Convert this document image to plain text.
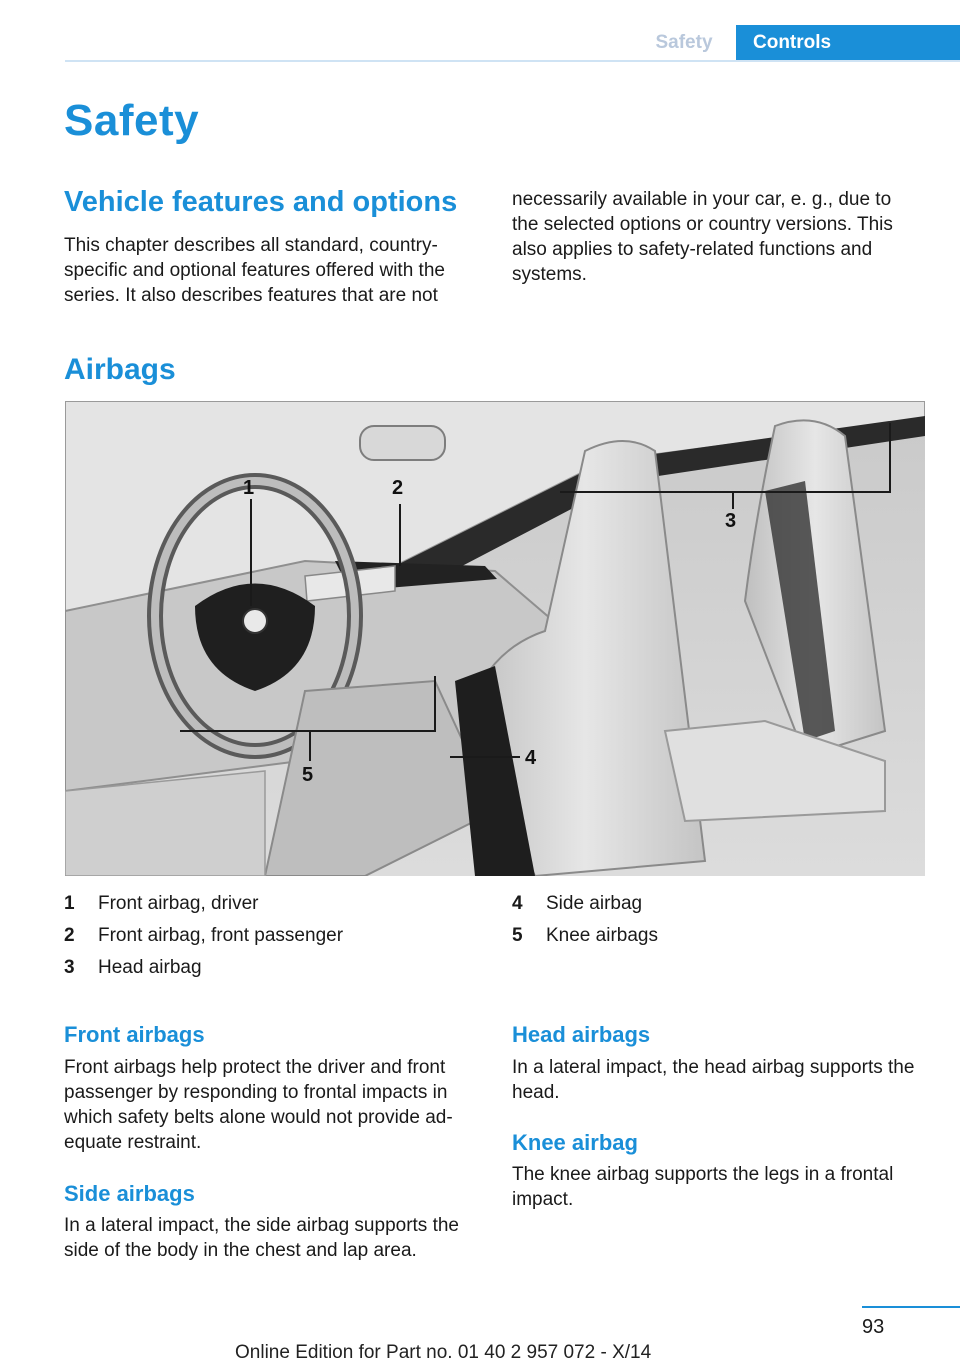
Safety	Controls
Safety
Vehicle features and options

This chapter describes all standard, country-specific and optional features offered with the series. It also describes features that are not

necessarily available in your car, e. g., due to the selected options or country versions. This also applies to safety-related functions and systems.

Airbags
1	2
3
4
5
1	Front airbag, driver
2	Front airbag, front passenger
3	Head airbag
4	Side airbag
5	Knee airbags
Front airbags

Front airbags help protect the driver and front passenger by responding to frontal impacts in which safety belts alone would not provide ad-equate restraint.

Side airbags

In a lateral impact, the side airbag supports the side of the body in the chest and lap area.

Head airbags

In a lateral impact, the head airbag supports the head.

Knee airbag

The knee airbag supports the legs in a frontal impact.

93
Online Edition for Part no. 01 40 2 957 072 - X/14
